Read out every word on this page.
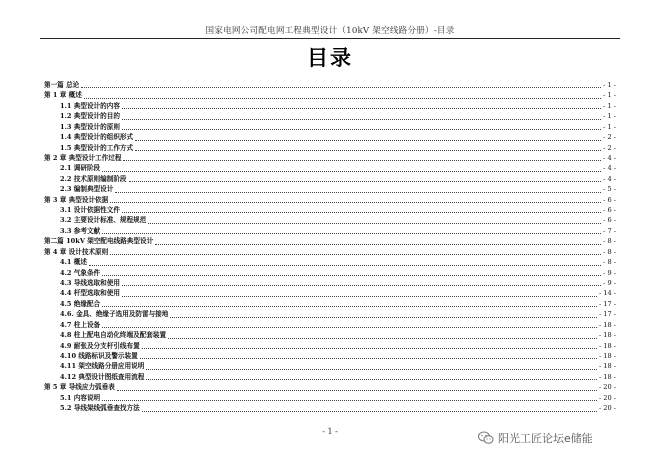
国家电网公司配电网工程典型设计（10kV 架空线路分册）-目录
目录
第一篇 总论	- 1 -
第 1 章 概述	- 1 -
1.1 典型设计的内容	- 1 -
1.2 典型设计的目的	- 1 -
1.3 典型设计的原则	- 1 -
1.4 典型设计的组织形式	- 2 -
1.5 典型设计的工作方式	- 2 -
第 2 章 典型设计工作过程	- 4 -
2.1 调研阶段	- 4 -
2.2 技术原则编制阶段	- 4 -
2.3 编制典型设计	- 5 -
第 3 章 典型设计依据	- 6 -
3.1 设计依据性文件	- 6 -
3.2 主要设计标准、规程规范	- 6 -
3.3 参考文献	- 7 -
第二篇 10kV 架空配电线路典型设计	- 8 -
第 4 章 设计技术原则	- 8 -
4.1 概述	- 8 -
4.2 气象条件	- 9 -
4.3 导线选取和使用	- 9 -
4.4 杆型选取和使用	- 14 -
4.5 绝缘配合	- 17 -
4.6. 金具、绝缘子选用及防雷与接地	- 17 -
4.7 柱上设备	- 18 -
4.8 柱上配电自动化终端及配套装置	- 18 -
4.9 耐张及分支杆引线布置	- 18 -
4.10 线路标识及警示装置	- 18 -
4.11 架空线路分册应用说明	- 18 -
4.12 典型设计图纸查用流程	- 18 -
第 5 章 导线应力弧垂表	- 20 -
5.1 内容说明	- 20 -
5.2 导线架线弧垂查找方法	- 20 -
- 1 -
阳光工匠论坛e储能
